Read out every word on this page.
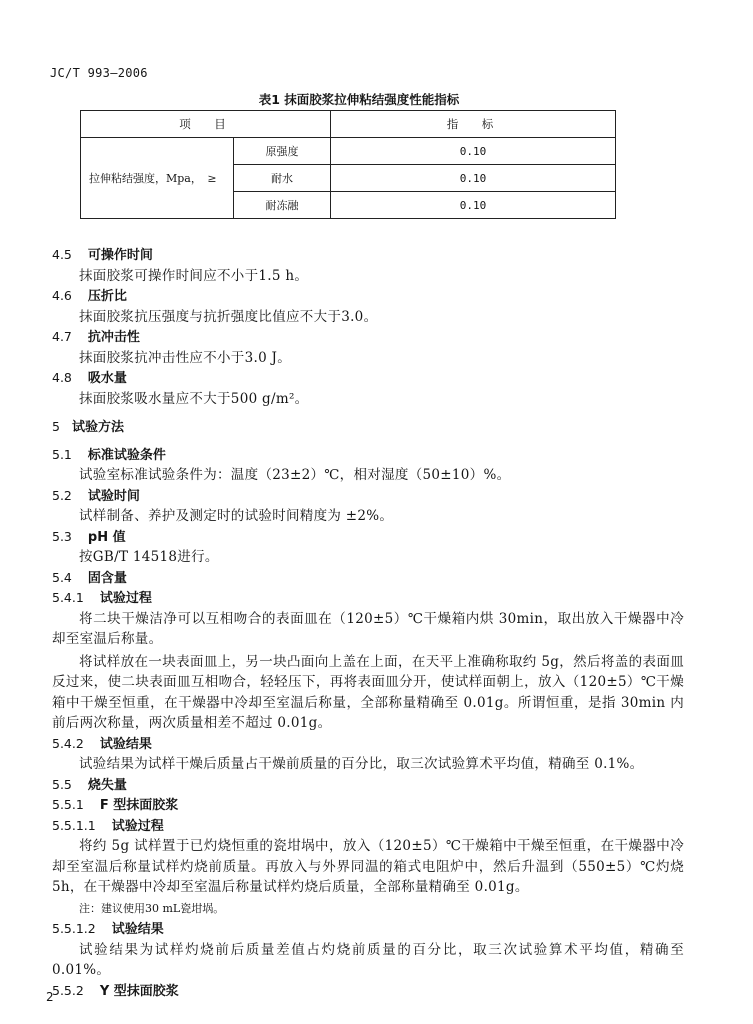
JC/T 993—2006
表1 抹面胶浆拉伸粘结强度性能指标
项　目		指　标
拉伸粘结强度，Mpa，　≥	原强度	0.10
	耐水	0.10
	耐冻融	0.10
4.5 可操作时间

抹面胶浆可操作时间应不小于1.5 h。

4.6 压折比

抹面胶浆抗压强度与抗折强度比值应不大于3.0。

4.7 抗冲击性

抹面胶浆抗冲击性应不小于3.0 J。

4.8 吸水量

抹面胶浆吸水量应不大于500 g/m²。

5 试验方法
5.1 标准试验条件

试验室标准试验条件为：温度（23±2）℃，相对湿度（50±10）%。

5.2 试验时间

试样制备、养护及测定时的试验时间精度为 ±2%。

5.3 pH 值

按GB/T 14518进行。

5.4 固含量
5.4.1 试验过程

将二块干燥洁净可以互相吻合的表面皿在（120±5）℃干燥箱内烘 30min，取出放入干燥器中冷却至室温后称量。

将试样放在一块表面皿上，另一块凸面向上盖在上面，在天平上准确称取约 5g，然后将盖的表面皿反过来，使二块表面皿互相吻合，轻轻压下，再将表面皿分开，使试样面朝上，放入（120±5）℃干燥箱中干燥至恒重，在干燥器中冷却至室温后称量，全部称量精确至 0.01g。所谓恒重，是指 30min 内前后两次称量，两次质量相差不超过 0.01g。

5.4.2 试验结果

试验结果为试样干燥后质量占干燥前质量的百分比，取三次试验算术平均值，精确至 0.1%。

5.5 烧失量
5.5.1 F 型抹面胶浆
5.5.1.1 试验过程

将约 5g 试样置于已灼烧恒重的瓷坩埚中，放入（120±5）℃干燥箱中干燥至恒重，在干燥器中冷却至室温后称量试样灼烧前质量。再放入与外界同温的箱式电阻炉中，然后升温到（550±5）℃灼烧 5h，在干燥器中冷却至室温后称量试样灼烧后质量，全部称量精确至 0.01g。

注：建议使用30 mL瓷坩埚。

5.5.1.2 试验结果

试验结果为试样灼烧前后质量差值占灼烧前质量的百分比，取三次试验算术平均值，精确至 0.01%。

5.5.2 Y 型抹面胶浆
2
